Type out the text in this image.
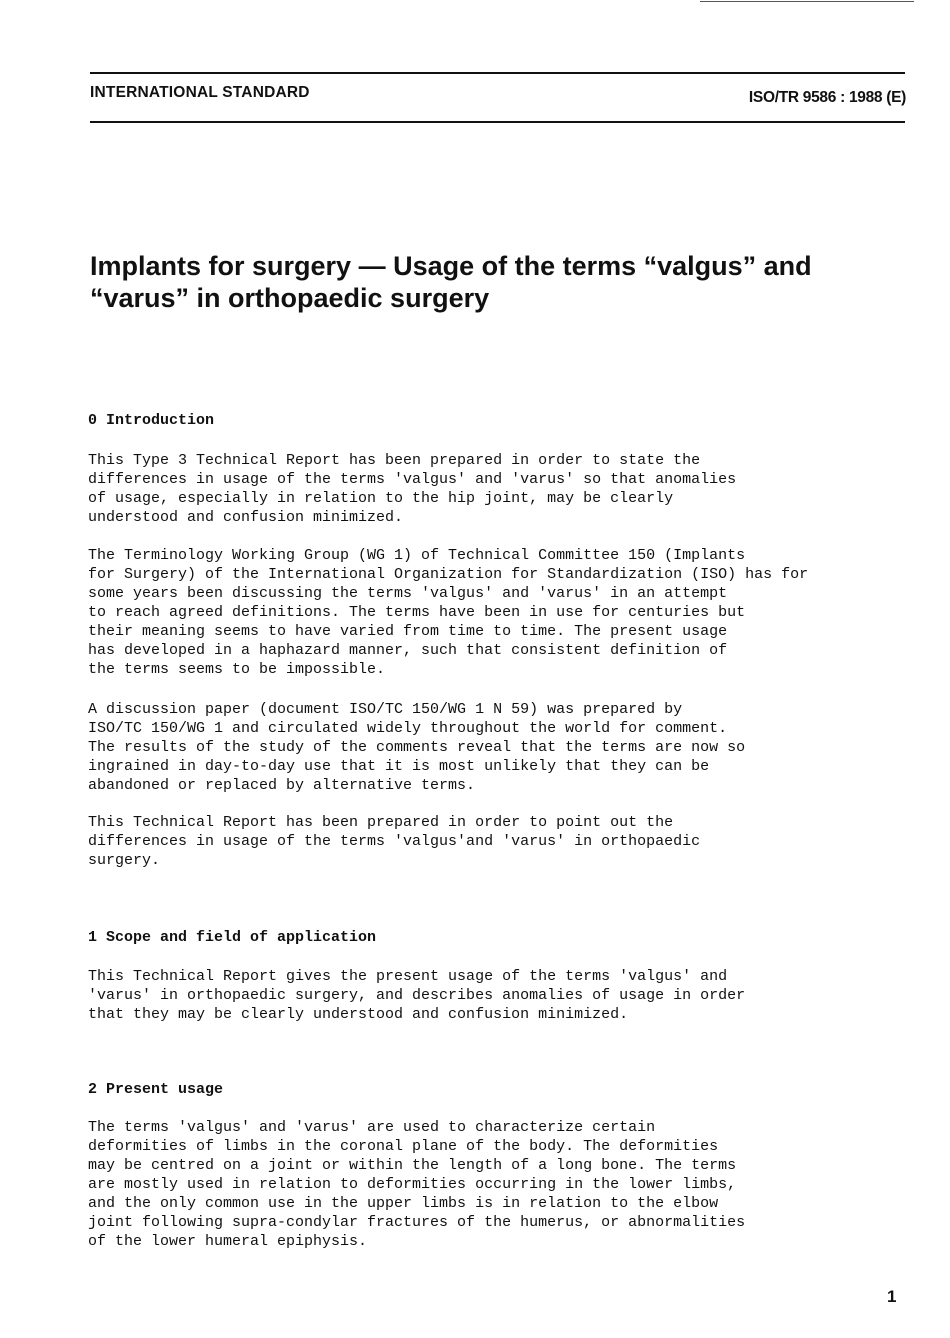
INTERNATIONAL STANDARD	ISO/TR 9586 : 1988 (E)
Implants for surgery — Usage of the terms “valgus” and “varus” in orthopaedic surgery
0 Introduction
This Type 3 Technical Report has been prepared in order to state the
differences in usage of the terms 'valgus' and 'varus' so that anomalies
of usage, especially in relation to the hip joint, may be clearly
understood and confusion minimized.
The Terminology Working Group (WG 1) of Technical Committee 150 (Implants
for Surgery) of the International Organization for Standardization (ISO) has for
some years been discussing the terms 'valgus' and 'varus' in an attempt
to reach agreed definitions. The terms have been in use for centuries but
their meaning seems to have varied from time to time. The present usage
has developed in a haphazard manner, such that consistent definition of
the terms seems to be impossible.
A discussion paper (document ISO/TC 150/WG 1 N 59) was prepared by
ISO/TC 150/WG 1 and circulated widely throughout the world for comment.
The results of the study of the comments reveal that the terms are now so
ingrained in day-to-day use that it is most unlikely that they can be
abandoned or replaced by alternative terms.
This Technical Report has been prepared in order to point out the
differences in usage of the terms 'valgus'and 'varus' in orthopaedic
surgery.
1 Scope and field of application
This Technical Report gives the present usage of the terms 'valgus' and
'varus' in orthopaedic surgery, and describes anomalies of usage in order
that they may be clearly understood and confusion minimized.
2 Present usage
The terms 'valgus' and 'varus' are used to characterize certain
deformities of limbs in the coronal plane of the body. The deformities
may be centred on a joint or within the length of a long bone. The terms
are mostly used in relation to deformities occurring in the lower limbs,
and the only common use in the upper limbs is in relation to the elbow
joint following supra-condylar fractures of the humerus, or abnormalities
of the lower humeral epiphysis.
1
